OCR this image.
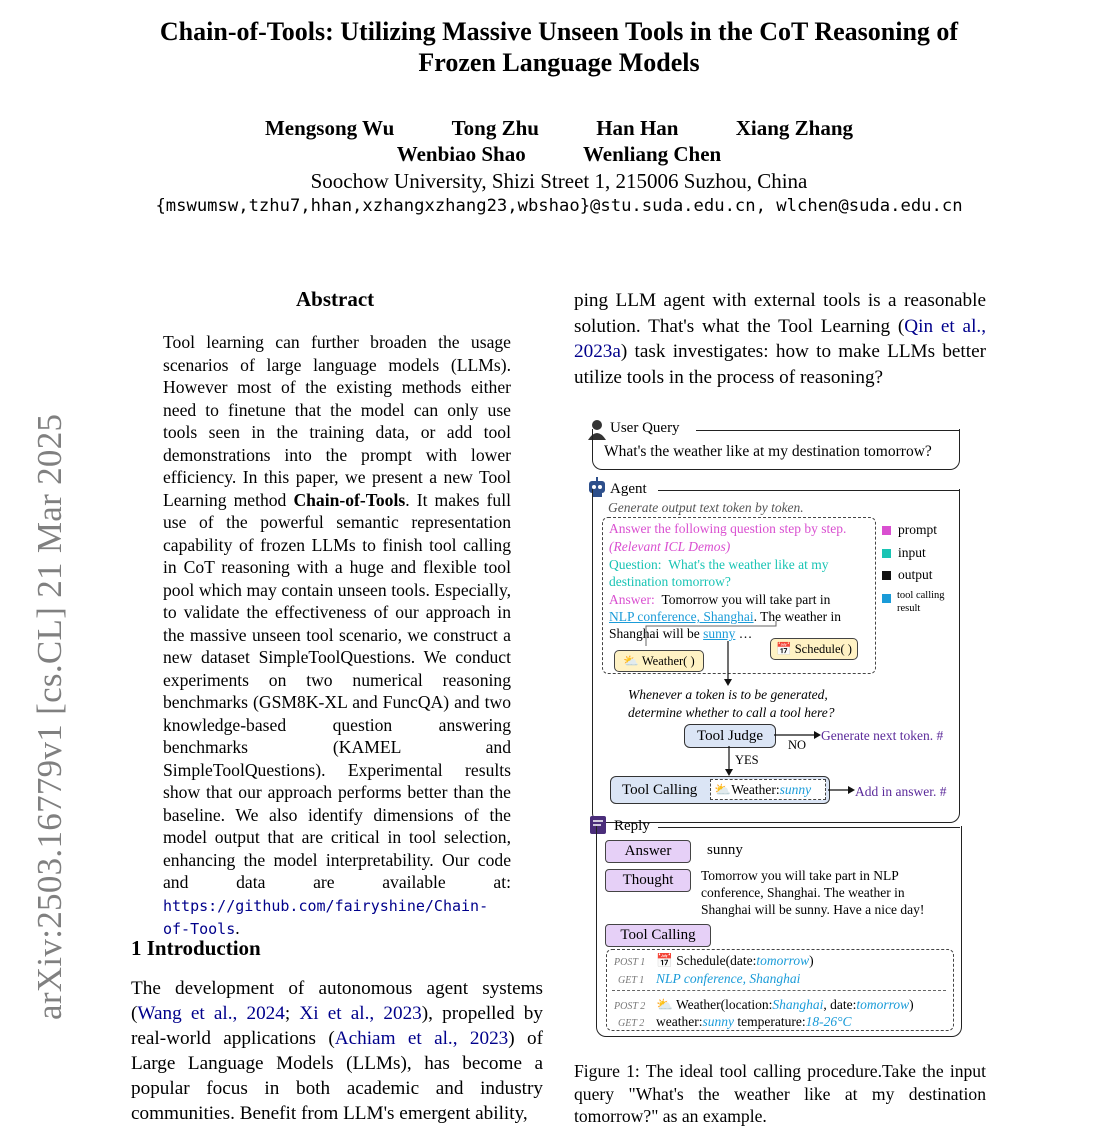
Chain-of-Tools: Utilizing Massive Unseen Tools in the CoT Reasoning of
Frozen Language Models
Mengsong Wu	Tong Zhu	Han Han	Xiang Zhang
Wenbiao Shao	Wenliang Chen
Soochow University, Shizi Street 1, 215006 Suzhou, China
{mswumsw,tzhu7,hhan,xzhangxzhang23,wbshao}@stu.suda.edu.cn, wlchen@suda.edu.cn
arXiv:2503.16779v1 [cs.CL] 21 Mar 2025
Abstract
Tool learning can further broaden the usage scenarios of large language models (LLMs). However most of the existing methods either need to finetune that the model can only use tools seen in the training data, or add tool demonstrations into the prompt with lower efficiency. In this paper, we present a new Tool Learning method Chain-of-Tools. It makes full use of the powerful semantic representation capability of frozen LLMs to finish tool calling in CoT reasoning with a huge and flexible tool pool which may contain unseen tools. Especially, to validate the effectiveness of our approach in the massive unseen tool scenario, we construct a new dataset SimpleToolQuestions. We conduct experiments on two numerical reasoning benchmarks (GSM8K-XL and FuncQA) and two knowledge-based question answering benchmarks (KAMEL and SimpleToolQuestions). Experimental results show that our approach performs better than the baseline. We also identify dimensions of the model output that are critical in tool selection, enhancing the model interpretability. Our code and data are available at: https://github.com/fairyshine/Chain-of-Tools.
1 Introduction
The development of autonomous agent systems (Wang et al., 2024; Xi et al., 2023), propelled by real-world applications (Achiam et al., 2023) of Large Language Models (LLMs), has become a popular focus in both academic and industry communities. Benefit from LLM's emergent ability,
ping LLM agent with external tools is a reasonable solution. That's what the Tool Learning (Qin et al., 2023a) task investigates: how to make LLMs better utilize tools in the process of reasoning?
User Query
What's the weather like at my destination tomorrow?
Agent
Generate output text token by token.
Answer the following question step by step.
(Relevant ICL Demos)
Question: What's the weather like at my
destination tomorrow?
Answer: Tomorrow you will take part in
NLP conference, Shanghai. The weather in
Shanghai will be sunny …
⛅ Weather( )
📅 Schedule( )
prompt
input
output
tool calling
result
Whenever a token is to be generated,
determine whether to call a tool here?
Tool Judge
NO
Generate next token. #
YES
Tool Calling ⛅Weather:sunny	Add in answer. #
Reply
Answer	sunny
Thought	Tomorrow you will take part in NLP
conference, Shanghai. The weather in
Shanghai will be sunny. Have a nice day!
Tool Calling
POST 1 📅 Schedule(date:tomorrow)
GET 1 NLP conference, Shanghai
POST 2 ⛅ Weather(location:Shanghai, date:tomorrow)
GET 2 weather:sunny temperature:18-26°C
Figure 1: The ideal tool calling procedure.Take the input query "What's the weather like at my destination tomorrow?" as an example.
